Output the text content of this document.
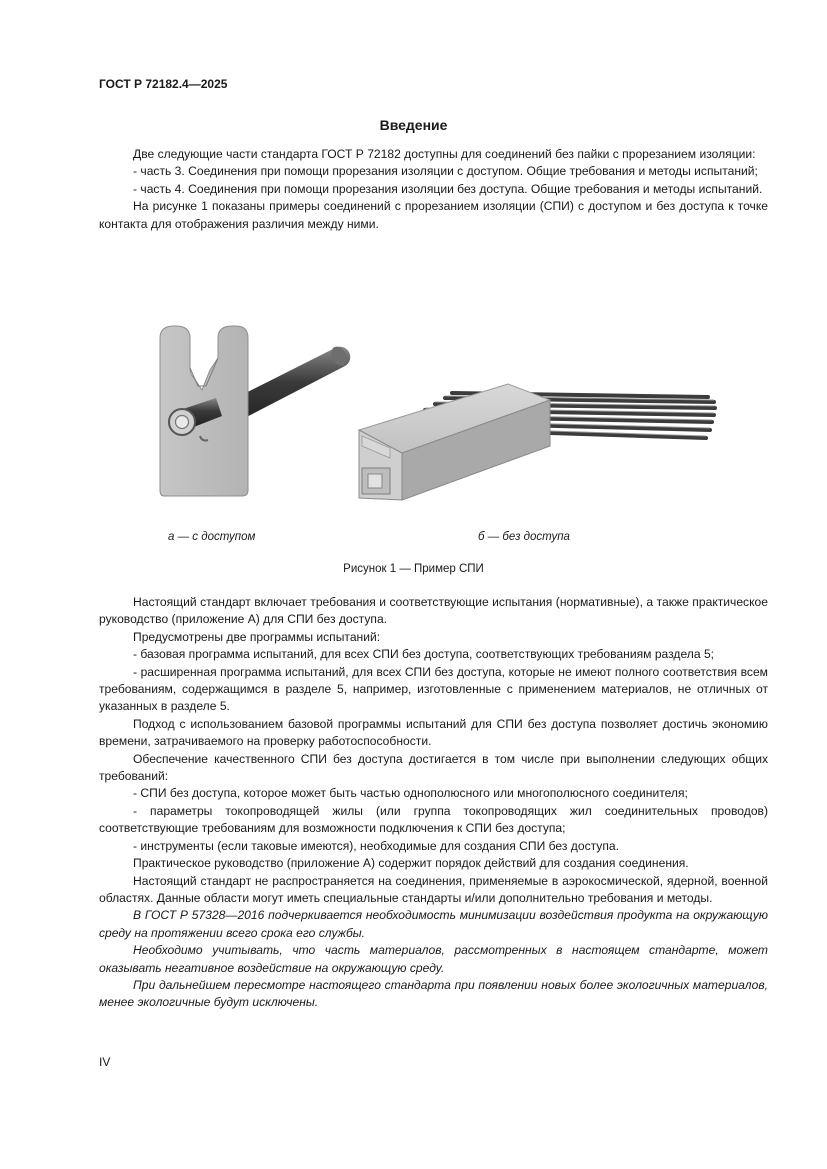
ГОСТ Р 72182.4—2025
Введение

Две следующие части стандарта ГОСТ Р 72182 доступны для соединений без пайки с прорезанием изоляции:

- часть 3. Соединения при помощи прорезания изоляции с доступом. Общие требования и методы испытаний;

- часть 4. Соединения при помощи прорезания изоляции без доступа. Общие требования и методы испытаний.

На рисунке 1 показаны примеры соединений с прорезанием изоляции (СПИ) с доступом и без доступа к точке контакта для отображения различия между ними.

а — с доступом	б — без доступа
Рисунок 1 — Пример СПИ

Настоящий стандарт включает требования и соответствующие испытания (нормативные), а также практическое руководство (приложение А) для СПИ без доступа.

Предусмотрены две программы испытаний:

- базовая программа испытаний, для всех СПИ без доступа, соответствующих требованиям раздела 5;

- расширенная программа испытаний, для всех СПИ без доступа, которые не имеют полного соответствия всем требованиям, содержащимся в разделе 5, например, изготовленные с применением материалов, не отличных от указанных в разделе 5.

Подход с использованием базовой программы испытаний для СПИ без доступа позволяет достичь экономию времени, затрачиваемого на проверку работоспособности.

Обеспечение качественного СПИ без доступа достигается в том числе при выполнении следующих общих требований:

- СПИ без доступа, которое может быть частью однополюсного или многополюсного соединителя;

- параметры токопроводящей жилы (или группа токопроводящих жил соединительных проводов) соответствующие требованиям для возможности подключения к СПИ без доступа;

- инструменты (если таковые имеются), необходимые для создания СПИ без доступа.

Практическое руководство (приложение А) содержит порядок действий для создания соединения.

Настоящий стандарт не распространяется на соединения, применяемые в аэрокосмической, ядерной, военной областях. Данные области могут иметь специальные стандарты и/или дополнительно требования и методы.

В ГОСТ Р 57328—2016 подчеркивается необходимость минимизации воздействия продукта на окружающую среду на протяжении всего срока его службы.

Необходимо учитывать, что часть материалов, рассмотренных в настоящем стандарте, может оказывать негативное воздействие на окружающую среду.

При дальнейшем пересмотре настоящего стандарта при появлении новых более экологичных материалов, менее экологичные будут исключены.

IV
